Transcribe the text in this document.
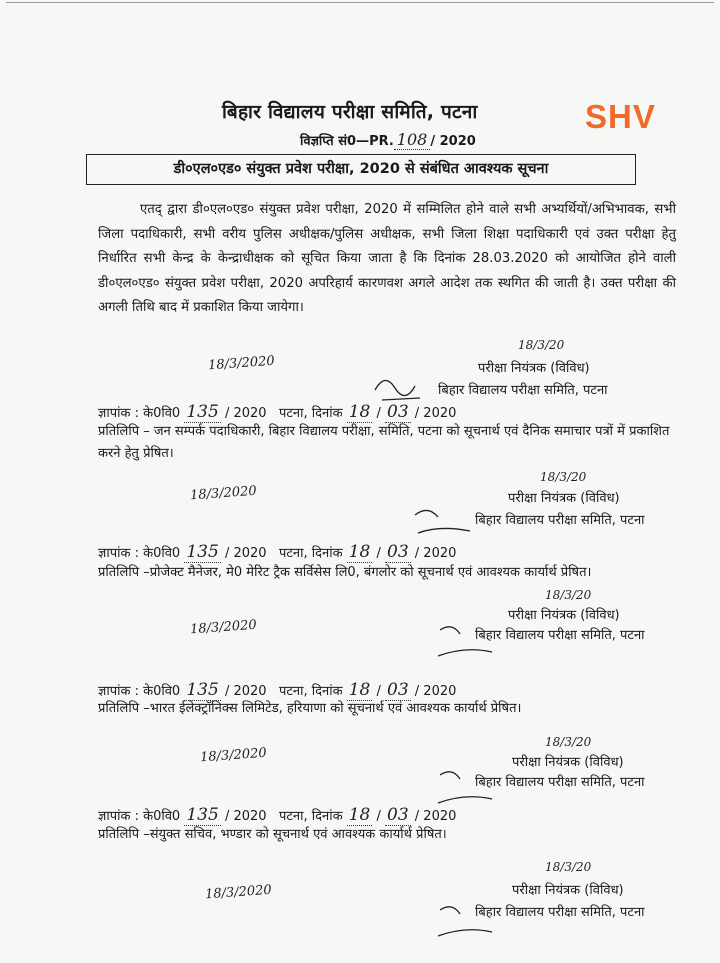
बिहार विद्यालय परीक्षा समिति, पटना	SHV
विज्ञप्ति सं0—PR. 108 / 2020
डी०एल०एड० संयुक्त प्रवेश परीक्षा, 2020 से संबंधित आवश्यक सूचना
एतद् द्वारा डी०एल०एड० संयुक्त प्रवेश परीक्षा, 2020 में सम्मिलित होने वाले सभी अभ्यर्थियों/अभिभावक, सभी जिला पदाधिकारी, सभी वरीय पुलिस अधीक्षक/पुलिस अधीक्षक, सभी जिला शिक्षा पदाधिकारी एवं उक्त परीक्षा हेतु निर्धारित सभी केन्द्र के केन्द्राधीक्षक को सूचित किया जाता है कि दिनांक 28.03.2020 को आयोजित होने वाली डी०एल०एड० संयुक्त प्रवेश परीक्षा, 2020 अपरिहार्य कारणवश अगले आदेश तक स्थगित की जाती है। उक्त परीक्षा की अगली तिथि बाद में प्रकाशित किया जायेगा।
18/3/2020
18/3/20
परीक्षा नियंत्रक (विविध)
बिहार विद्यालय परीक्षा समिति, पटना
ज्ञापांक : के0वि0 135 / 2020 पटना, दिनांक 18 / 03 / 2020
प्रतिलिपि – जन सम्पर्क पदाधिकारी, बिहार विद्यालय परीक्षा, समिति, पटना को सूचनार्थ एवं दैनिक समाचार पत्रों में प्रकाशित करने हेतु प्रेषित।
18/3/2020
18/3/20
परीक्षा नियंत्रक (विविध)
बिहार विद्यालय परीक्षा समिति, पटना
ज्ञापांक : के0वि0 135 / 2020 पटना, दिनांक 18 / 03 / 2020
प्रतिलिपि –प्रोजेक्ट मैनेजर, मे0 मेरिट ट्रैक सर्विसेस लि0, बंगलोर को सूचनार्थ एवं आवश्यक कार्यार्थ प्रेषित।
18/3/2020
18/3/20
परीक्षा नियंत्रक (विविध)
बिहार विद्यालय परीक्षा समिति, पटना
ज्ञापांक : के0वि0 135 / 2020 पटना, दिनांक 18 / 03 / 2020
प्रतिलिपि –भारत ईलेक्ट्रॉनिक्स लिमिटेड, हरियाणा को सूचनार्थ एवं आवश्यक कार्यार्थ प्रेषित।
18/3/2020
18/3/20
परीक्षा नियंत्रक (विविध)
बिहार विद्यालय परीक्षा समिति, पटना
ज्ञापांक : के0वि0 135 / 2020 पटना, दिनांक 18 / 03 / 2020
प्रतिलिपि –संयुक्त सचिव, भण्डार को सूचनार्थ एवं आवश्यक कार्यार्थ प्रेषित।
18/3/2020
18/3/20
परीक्षा नियंत्रक (विविध)
बिहार विद्यालय परीक्षा समिति, पटना
